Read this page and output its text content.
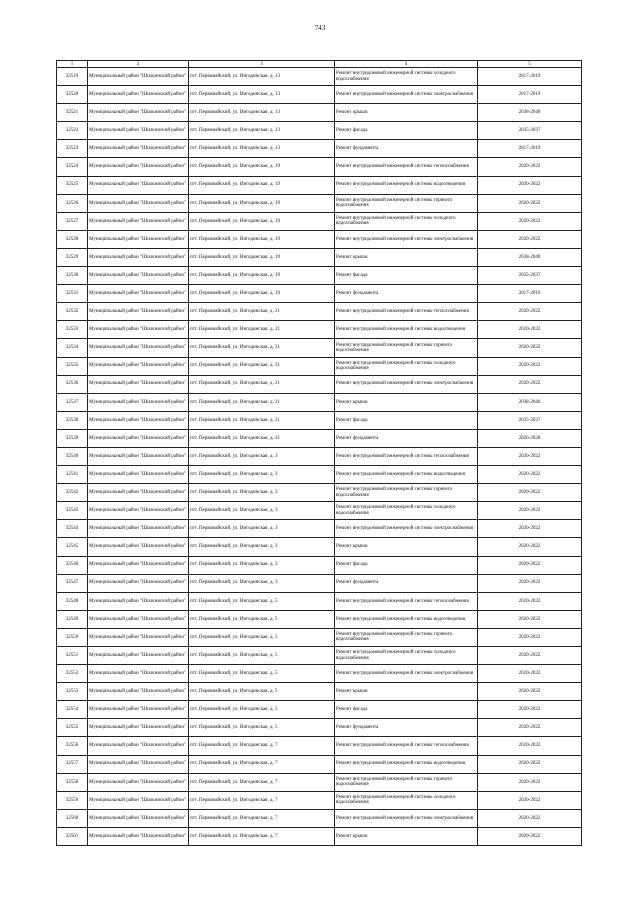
743
1	2	3	4	5
32519	Муниципальный район "Шилкинский район"	пгт. Первомайский, ул. Ингодинская, д. 13	Ремонт внутридомовой инженерной системы холодного водоснабжения	2017-2019
32520	Муниципальный район "Шилкинский район"	пгт. Первомайский, ул. Ингодинская, д. 13	Ремонт внутридомовой инженерной системы электроснабжения	2017-2019
32521	Муниципальный район "Шилкинский район"	пгт. Первомайский, ул. Ингодинская, д. 13	Ремонт крыши	2038-2040
32522	Муниципальный район "Шилкинский район"	пгт. Первомайский, ул. Ингодинская, д. 13	Ремонт фасада	2035-2037
32523	Муниципальный район "Шилкинский район"	пгт. Первомайский, ул. Ингодинская, д. 13	Ремонт фундамента	2017-2019
32524	Муниципальный район "Шилкинский район"	пгт. Первомайский, ул. Ингодинская, д. 19	Ремонт внутридомовой инженерной системы теплоснабжения	2020-2022
32525	Муниципальный район "Шилкинский район"	пгт. Первомайский, ул. Ингодинская, д. 19	Ремонт внутридомовой инженерной системы водоотведения	2020-2022
32526	Муниципальный район "Шилкинский район"	пгт. Первомайский, ул. Ингодинская, д. 19	Ремонт внутридомовой инженерной системы горячего водоснабжения	2020-2022
32527	Муниципальный район "Шилкинский район"	пгт. Первомайский, ул. Ингодинская, д. 19	Ремонт внутридомовой инженерной системы холодного водоснабжения	2020-2022
32528	Муниципальный район "Шилкинский район"	пгт. Первомайский, ул. Ингодинская, д. 19	Ремонт внутридомовой инженерной системы электроснабжения	2020-2022
32529	Муниципальный район "Шилкинский район"	пгт. Первомайский, ул. Ингодинская, д. 19	Ремонт крыши	2038-2040
32530	Муниципальный район "Шилкинский район"	пгт. Первомайский, ул. Ингодинская, д. 19	Ремонт фасада	2035-2037
32531	Муниципальный район "Шилкинский район"	пгт. Первомайский, ул. Ингодинская, д. 19	Ремонт фундамента	2017-2019
32532	Муниципальный район "Шилкинский район"	пгт. Первомайский, ул. Ингодинская, д. 21	Ремонт внутридомовой инженерной системы теплоснабжения	2020-2022
32533	Муниципальный район "Шилкинский район"	пгт. Первомайский, ул. Ингодинская, д. 21	Ремонт внутридомовой инженерной системы водоотведения	2020-2022
32534	Муниципальный район "Шилкинский район"	пгт. Первомайский, ул. Ингодинская, д. 21	Ремонт внутридомовой инженерной системы горячего водоснабжения	2020-2022
32535	Муниципальный район "Шилкинский район"	пгт. Первомайский, ул. Ингодинская, д. 21	Ремонт внутридомовой инженерной системы холодного водоснабжения	2020-2022
32536	Муниципальный район "Шилкинский район"	пгт. Первомайский, ул. Ингодинская, д. 21	Ремонт внутридомовой инженерной системы электроснабжения	2020-2022
32537	Муниципальный район "Шилкинский район"	пгт. Первомайский, ул. Ингодинская, д. 21	Ремонт крыши	2038-2040
32538	Муниципальный район "Шилкинский район"	пгт. Первомайский, ул. Ингодинская, д. 21	Ремонт фасада	2035-2037
32539	Муниципальный район "Шилкинский район"	пгт. Первомайский, ул. Ингодинская, д. 21	Ремонт фундамента	2026-2028
32540	Муниципальный район "Шилкинский район"	пгт. Первомайский, ул. Ингодинская, д. 3	Ремонт внутридомовой инженерной системы теплоснабжения	2020-2022
32541	Муниципальный район "Шилкинский район"	пгт. Первомайский, ул. Ингодинская, д. 3	Ремонт внутридомовой инженерной системы водоотведения	2020-2022
32542	Муниципальный район "Шилкинский район"	пгт. Первомайский, ул. Ингодинская, д. 3	Ремонт внутридомовой инженерной системы горячего водоснабжения	2020-2022
32543	Муниципальный район "Шилкинский район"	пгт. Первомайский, ул. Ингодинская, д. 3	Ремонт внутридомовой инженерной системы холодного водоснабжения	2020-2022
32544	Муниципальный район "Шилкинский район"	пгт. Первомайский, ул. Ингодинская, д. 3	Ремонт внутридомовой инженерной системы электроснабжения	2020-2022
32545	Муниципальный район "Шилкинский район"	пгт. Первомайский, ул. Ингодинская, д. 3	Ремонт крыши	2020-2022
32546	Муниципальный район "Шилкинский район"	пгт. Первомайский, ул. Ингодинская, д. 3	Ремонт фасада	2020-2022
32547	Муниципальный район "Шилкинский район"	пгт. Первомайский, ул. Ингодинская, д. 3	Ремонт фундамента	2020-2022
32548	Муниципальный район "Шилкинский район"	пгт. Первомайский, ул. Ингодинская, д. 5	Ремонт внутридомовой инженерной системы теплоснабжения	2020-2022
32549	Муниципальный район "Шилкинский район"	пгт. Первомайский, ул. Ингодинская, д. 5	Ремонт внутридомовой инженерной системы водоотведения	2020-2022
32550	Муниципальный район "Шилкинский район"	пгт. Первомайский, ул. Ингодинская, д. 5	Ремонт внутридомовой инженерной системы горячего водоснабжения	2020-2022
32551	Муниципальный район "Шилкинский район"	пгт. Первомайский, ул. Ингодинская, д. 5	Ремонт внутридомовой инженерной системы холодного водоснабжения	2020-2022
32552	Муниципальный район "Шилкинский район"	пгт. Первомайский, ул. Ингодинская, д. 5	Ремонт внутридомовой инженерной системы электроснабжения	2020-2022
32553	Муниципальный район "Шилкинский район"	пгт. Первомайский, ул. Ингодинская, д. 5	Ремонт крыши	2020-2022
32554	Муниципальный район "Шилкинский район"	пгт. Первомайский, ул. Ингодинская, д. 5	Ремонт фасада	2020-2022
32555	Муниципальный район "Шилкинский район"	пгт. Первомайский, ул. Ингодинская, д. 5	Ремонт фундамента	2020-2022
32556	Муниципальный район "Шилкинский район"	пгт. Первомайский, ул. Ингодинская, д. 7	Ремонт внутридомовой инженерной системы теплоснабжения	2020-2022
32557	Муниципальный район "Шилкинский район"	пгт. Первомайский, ул. Ингодинская, д. 7	Ремонт внутридомовой инженерной системы водоотведения	2020-2022
32558	Муниципальный район "Шилкинский район"	пгт. Первомайский, ул. Ингодинская, д. 7	Ремонт внутридомовой инженерной системы горячего водоснабжения	2020-2022
32559	Муниципальный район "Шилкинский район"	пгт. Первомайский, ул. Ингодинская, д. 7	Ремонт внутридомовой инженерной системы холодного водоснабжения	2020-2022
32560	Муниципальный район "Шилкинский район"	пгт. Первомайский, ул. Ингодинская, д. 7	Ремонт внутридомовой инженерной системы электроснабжения	2020-2022
32561	Муниципальный район "Шилкинский район"	пгт. Первомайский, ул. Ингодинская, д. 7	Ремонт крыши	2020-2022
